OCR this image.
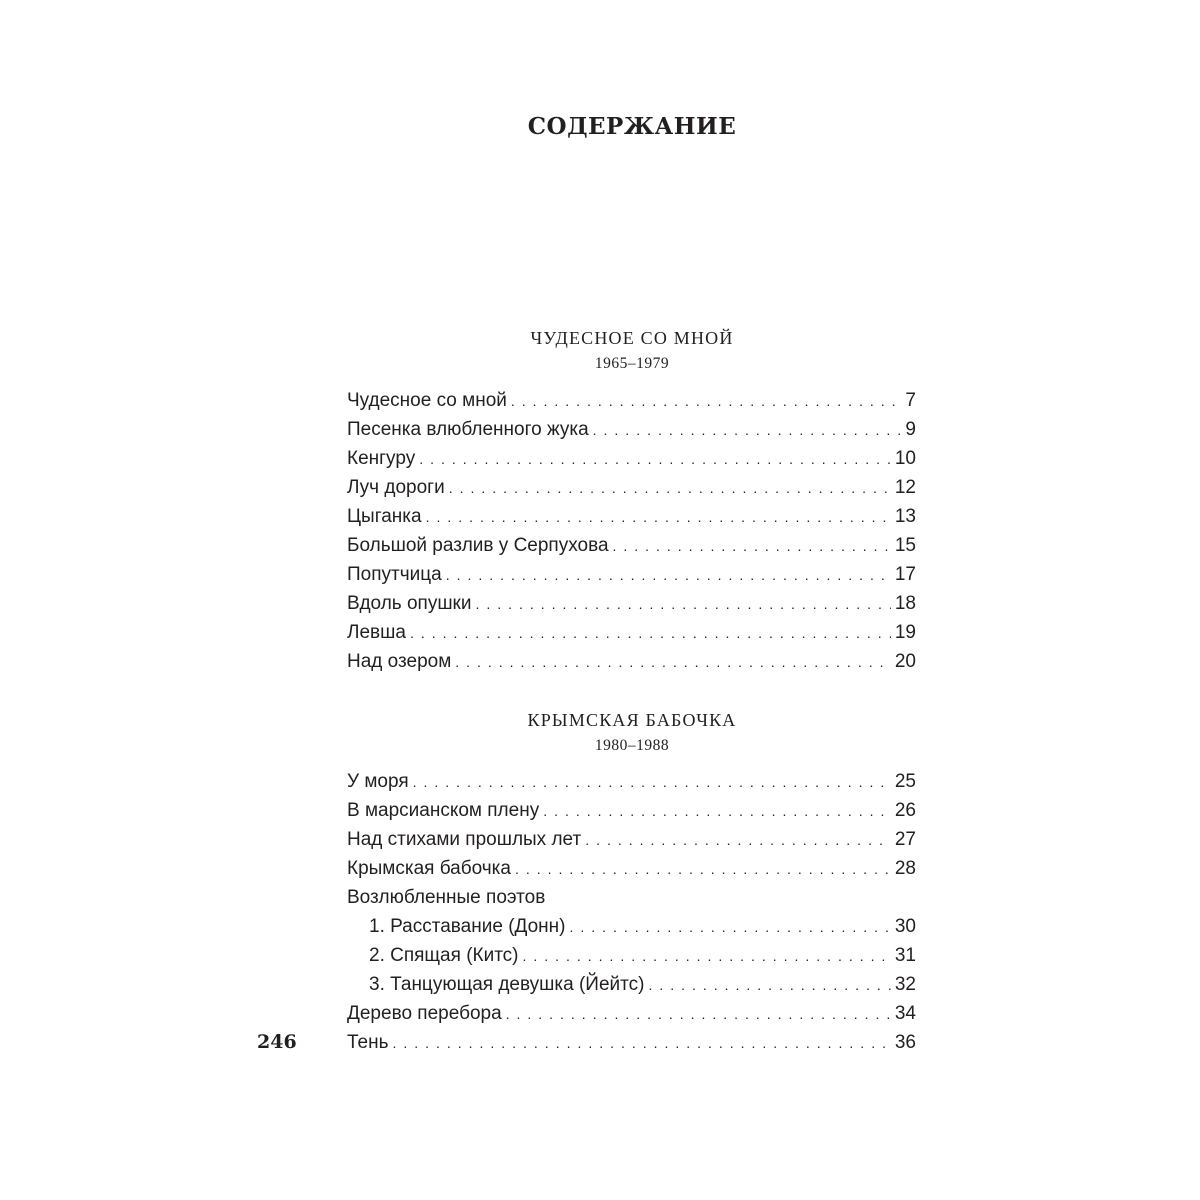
СОДЕРЖАНИЕ
ЧУДЕСНОЕ СО МНОЙ
1965–1979
Чудесное со мной . . .	7
Песенка влюбленного жука . . .	9
Кенгуру . . .	10
Луч дороги . . .	12
Цыганка . . .	13
Большой разлив у Серпухова . . .	15
Попутчица . . .	17
Вдоль опушки . . .	18
Левша . . .	19
Над озером . . .	20
КРЫМСКАЯ БАБОЧКА
1980–1988
У моря . . .	25
В марсианском плену . . .	26
Над стихами прошлых лет . . .	27
Крымская бабочка . . .	28
Возлюбленные поэтов
1. Расставание (Донн) . . .	30
2. Спящая (Китс) . . .	31
3. Танцующая девушка (Йейтс) . . .	32
Дерево перебора . . .	34
Тень . . .	36
246
